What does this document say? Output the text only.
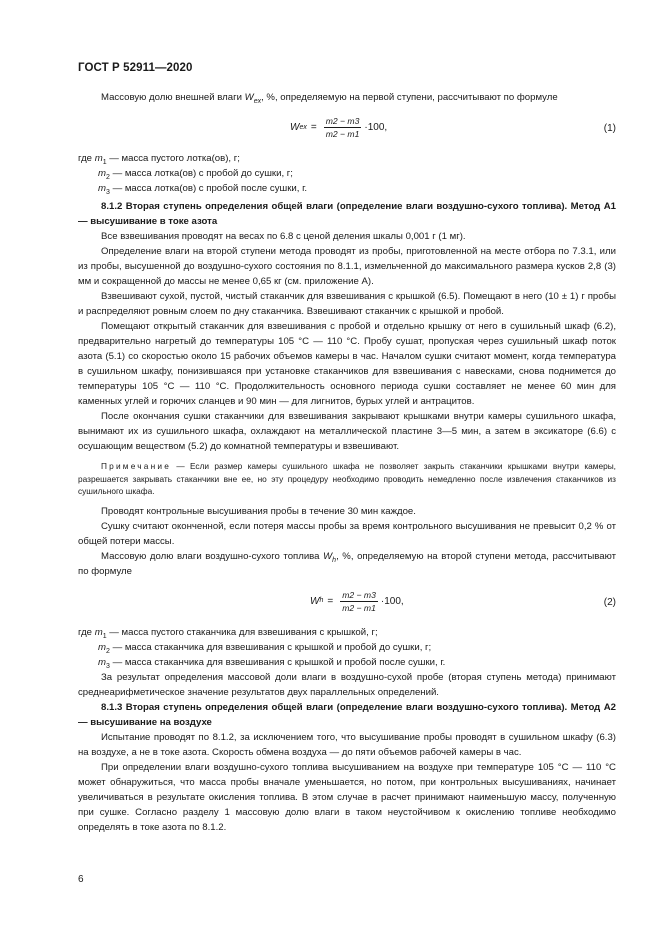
ГОСТ Р 52911—2020

Массовую долю внешней влаги $W_{ex}$, %, определяемую на первой ступени, рассчитывают по формуле

W ex = $\frac{m2 - m3}{m2 - m1} \cdot 100$,	(1)

где $m_1$ — масса пустого лотка(ов), г;

$m_2$ — масса лотка(ов) с пробой до сушки, г;

$m_3$ — масса лотка(ов) с пробой после сушки, г.

8.1.2 Вторая ступень определения общей влаги (определение влаги воздушно-сухого топлива). Метод А1 — высушивание в токе азота

Все взвешивания проводят на весах по 6.8 с ценой деления шкалы 0,001 г (1 мг).

Определение влаги на второй ступени метода проводят из пробы, приготовленной на месте отбора по 7.3.1, или из пробы, высушенной до воздушно-сухого состояния по 8.1.1, измельченной до максимального размера кусков 2,8 (3) мм и сокращенной до массы не менее 0,65 кг (см. приложение А).

Взвешивают сухой, пустой, чистый стаканчик для взвешивания с крышкой (6.5). Помещают в него (10 ± 1) г пробы и распределяют ровным слоем по дну стаканчика. Взвешивают стаканчик с крышкой и пробой.

Помещают открытый стаканчик для взвешивания с пробой и отдельно крышку от него в сушильный шкаф (6.2), предварительно нагретый до температуры 105 °C — 110 °C. Пробу сушат, пропуская через сушильный шкаф поток азота (5.1) со скоростью около 15 рабочих объемов камеры в час. Началом сушки считают момент, когда температура в сушильном шкафу, понизившаяся при установке стаканчиков для взвешивания с навесками, снова поднимется до температуры 105 °C — 110 °C. Продолжительность основного периода сушки составляет не менее 60 мин для каменных углей и горючих сланцев и 90 мин — для лигнитов, бурых углей и антрацитов.

После окончания сушки стаканчики для взвешивания закрывают крышками внутри камеры сушильного шкафа, вынимают их из сушильного шкафа, охлаждают на металлической пластине 3—5 мин, а затем в эксикаторе (6.6) с осушающим веществом (5.2) до комнатной температуры и взвешивают.

Примечание — Если размер камеры сушильного шкафа не позволяет закрыть стаканчики крышками внутри камеры, разрешается закрывать стаканчики вне ее, но эту процедуру необходимо проводить немедленно после извлечения стаканчиков из сушильного шкафа.

Проводят контрольные высушивания пробы в течение 30 мин каждое.

Сушку считают оконченной, если потеря массы пробы за время контрольного высушивания не превысит 0,2 % от общей потери массы.

Массовую долю влаги воздушно-сухого топлива $W_h$, %, определяемую на второй ступени метода, рассчитывают по формуле

W $h = \frac{m2 - m3}{m2 - m1} \cdot 100$,	(2)

где $m_1$ — масса пустого стаканчика для взвешивания с крышкой, г;

$m_2$ — масса стаканчика для взвешивания с крышкой и пробой до сушки, г;

$m_3$ — масса стаканчика для взвешивания с крышкой и пробой после сушки, г.

За результат определения массовой доли влаги в воздушно-сухой пробе (вторая ступень метода) принимают среднеарифметическое значение результатов двух параллельных определений.

8.1.3 Вторая ступень определения общей влаги (определение влаги воздушно-сухого топлива). Метод А2 — высушивание на воздухе

Испытание проводят по 8.1.2, за исключением того, что высушивание пробы проводят в сушильном шкафу (6.3) на воздухе, а не в токе азота. Скорость обмена воздуха — до пяти объемов рабочей камеры в час.

При определении влаги воздушно-сухого топлива высушиванием на воздухе при температуре 105 °C — 110 °C может обнаружиться, что масса пробы вначале уменьшается, но потом, при контрольных высушиваниях, начинает увеличиваться в результате окисления топлива. В этом случае в расчет принимают наименьшую массу, полученную при сушке. Согласно разделу 1 массовую долю влаги в таком неустойчивом к окислению топливе необходимо определять в токе азота по 8.1.2.

6
